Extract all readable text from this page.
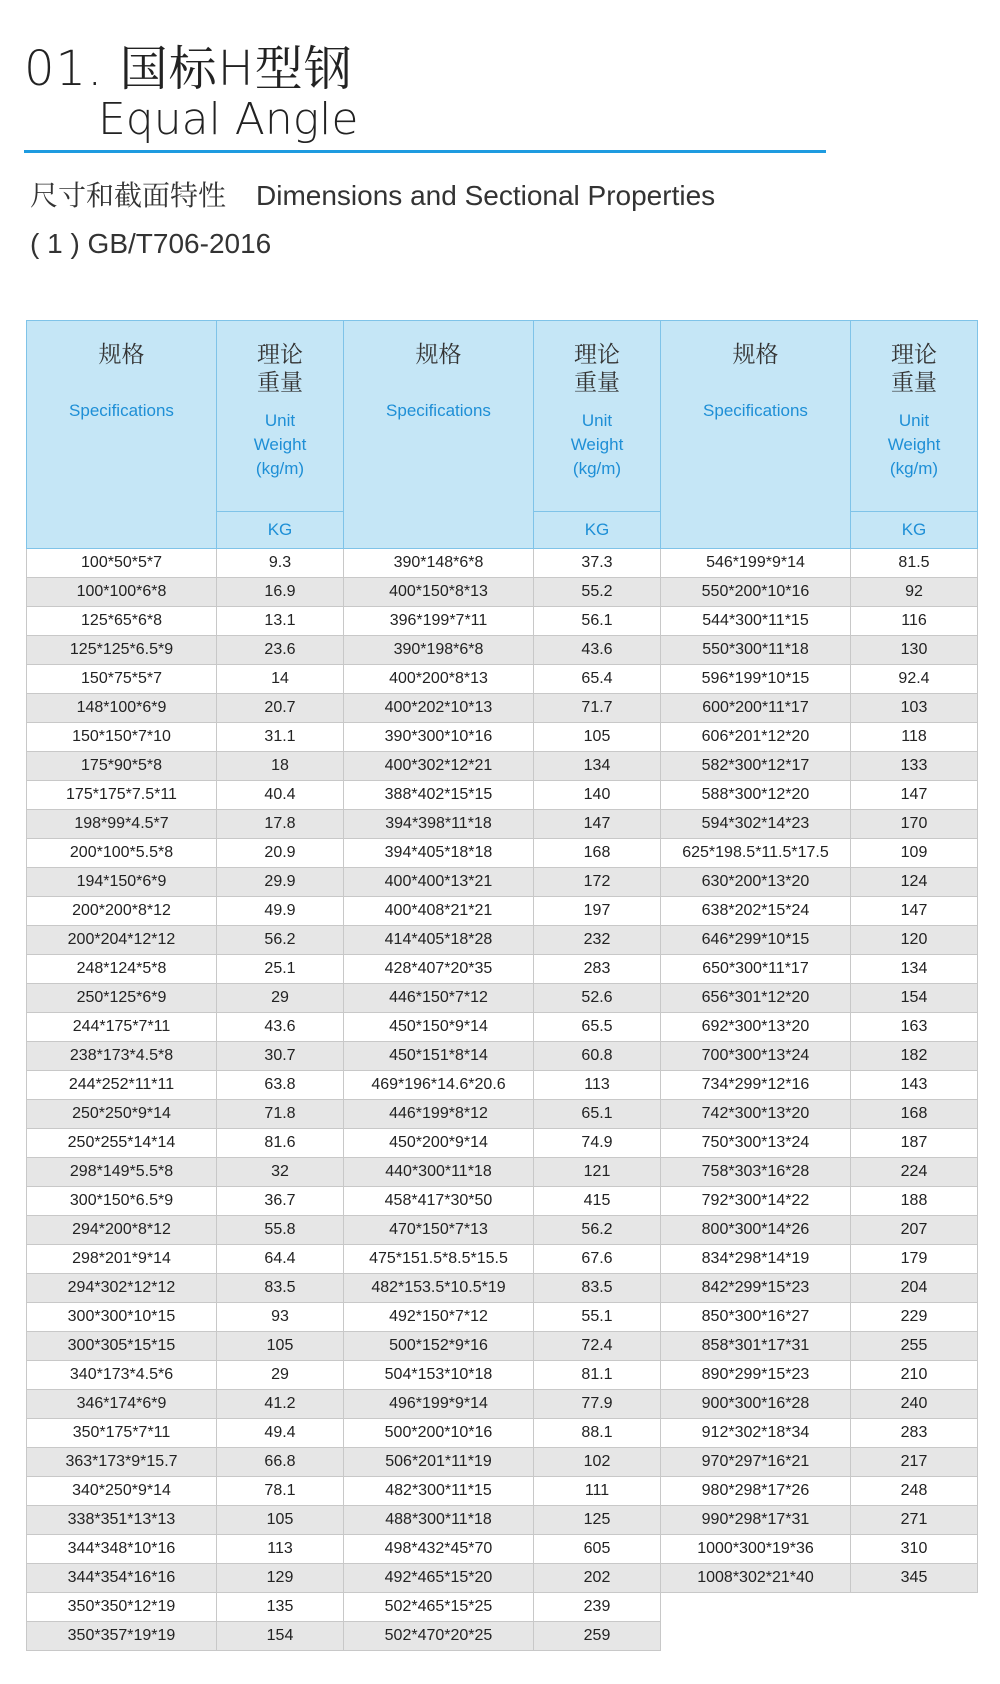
01. 国标H型钢
Equal Angle
尺寸和截面特性 Dimensions and Sectional Properties
( 1 ) GB/T706-2016
规格
Specifications	理论重量
Unit
Weight
(kg/m)	规格
Specifications	理论重量
Unit
Weight
(kg/m)	规格
Specifications	理论重量
Unit
Weight
(kg/m)

	KG		KG		KG
100*50*5*7	9.3	390*148*6*8	37.3	546*199*9*14	81.5
100*100*6*8	16.9	400*150*8*13	55.2	550*200*10*16	92
125*65*6*8	13.1	396*199*7*11	56.1	544*300*11*15	116
125*125*6.5*9	23.6	390*198*6*8	43.6	550*300*11*18	130
150*75*5*7	14	400*200*8*13	65.4	596*199*10*15	92.4
148*100*6*9	20.7	400*202*10*13	71.7	600*200*11*17	103
150*150*7*10	31.1	390*300*10*16	105	606*201*12*20	118
175*90*5*8	18	400*302*12*21	134	582*300*12*17	133
175*175*7.5*11	40.4	388*402*15*15	140	588*300*12*20	147
198*99*4.5*7	17.8	394*398*11*18	147	594*302*14*23	170
200*100*5.5*8	20.9	394*405*18*18	168	625*198.5*11.5*17.5	109
194*150*6*9	29.9	400*400*13*21	172	630*200*13*20	124
200*200*8*12	49.9	400*408*21*21	197	638*202*15*24	147
200*204*12*12	56.2	414*405*18*28	232	646*299*10*15	120
248*124*5*8	25.1	428*407*20*35	283	650*300*11*17	134
250*125*6*9	29	446*150*7*12	52.6	656*301*12*20	154
244*175*7*11	43.6	450*150*9*14	65.5	692*300*13*20	163
238*173*4.5*8	30.7	450*151*8*14	60.8	700*300*13*24	182
244*252*11*11	63.8	469*196*14.6*20.6	113	734*299*12*16	143
250*250*9*14	71.8	446*199*8*12	65.1	742*300*13*20	168
250*255*14*14	81.6	450*200*9*14	74.9	750*300*13*24	187
298*149*5.5*8	32	440*300*11*18	121	758*303*16*28	224
300*150*6.5*9	36.7	458*417*30*50	415	792*300*14*22	188
294*200*8*12	55.8	470*150*7*13	56.2	800*300*14*26	207
298*201*9*14	64.4	475*151.5*8.5*15.5	67.6	834*298*14*19	179
294*302*12*12	83.5	482*153.5*10.5*19	83.5	842*299*15*23	204
300*300*10*15	93	492*150*7*12	55.1	850*300*16*27	229
300*305*15*15	105	500*152*9*16	72.4	858*301*17*31	255
340*173*4.5*6	29	504*153*10*18	81.1	890*299*15*23	210
346*174*6*9	41.2	496*199*9*14	77.9	900*300*16*28	240
350*175*7*11	49.4	500*200*10*16	88.1	912*302*18*34	283
363*173*9*15.7	66.8	506*201*11*19	102	970*297*16*21	217
340*250*9*14	78.1	482*300*11*15	111	980*298*17*26	248
338*351*13*13	105	488*300*11*18	125	990*298*17*31	271
344*348*10*16	113	498*432*45*70	605	1000*300*19*36	310
344*354*16*16	129	492*465*15*20	202	1008*302*21*40	345
350*350*12*19	135	502*465*15*25	239		
350*357*19*19	154	502*470*20*25	259		
